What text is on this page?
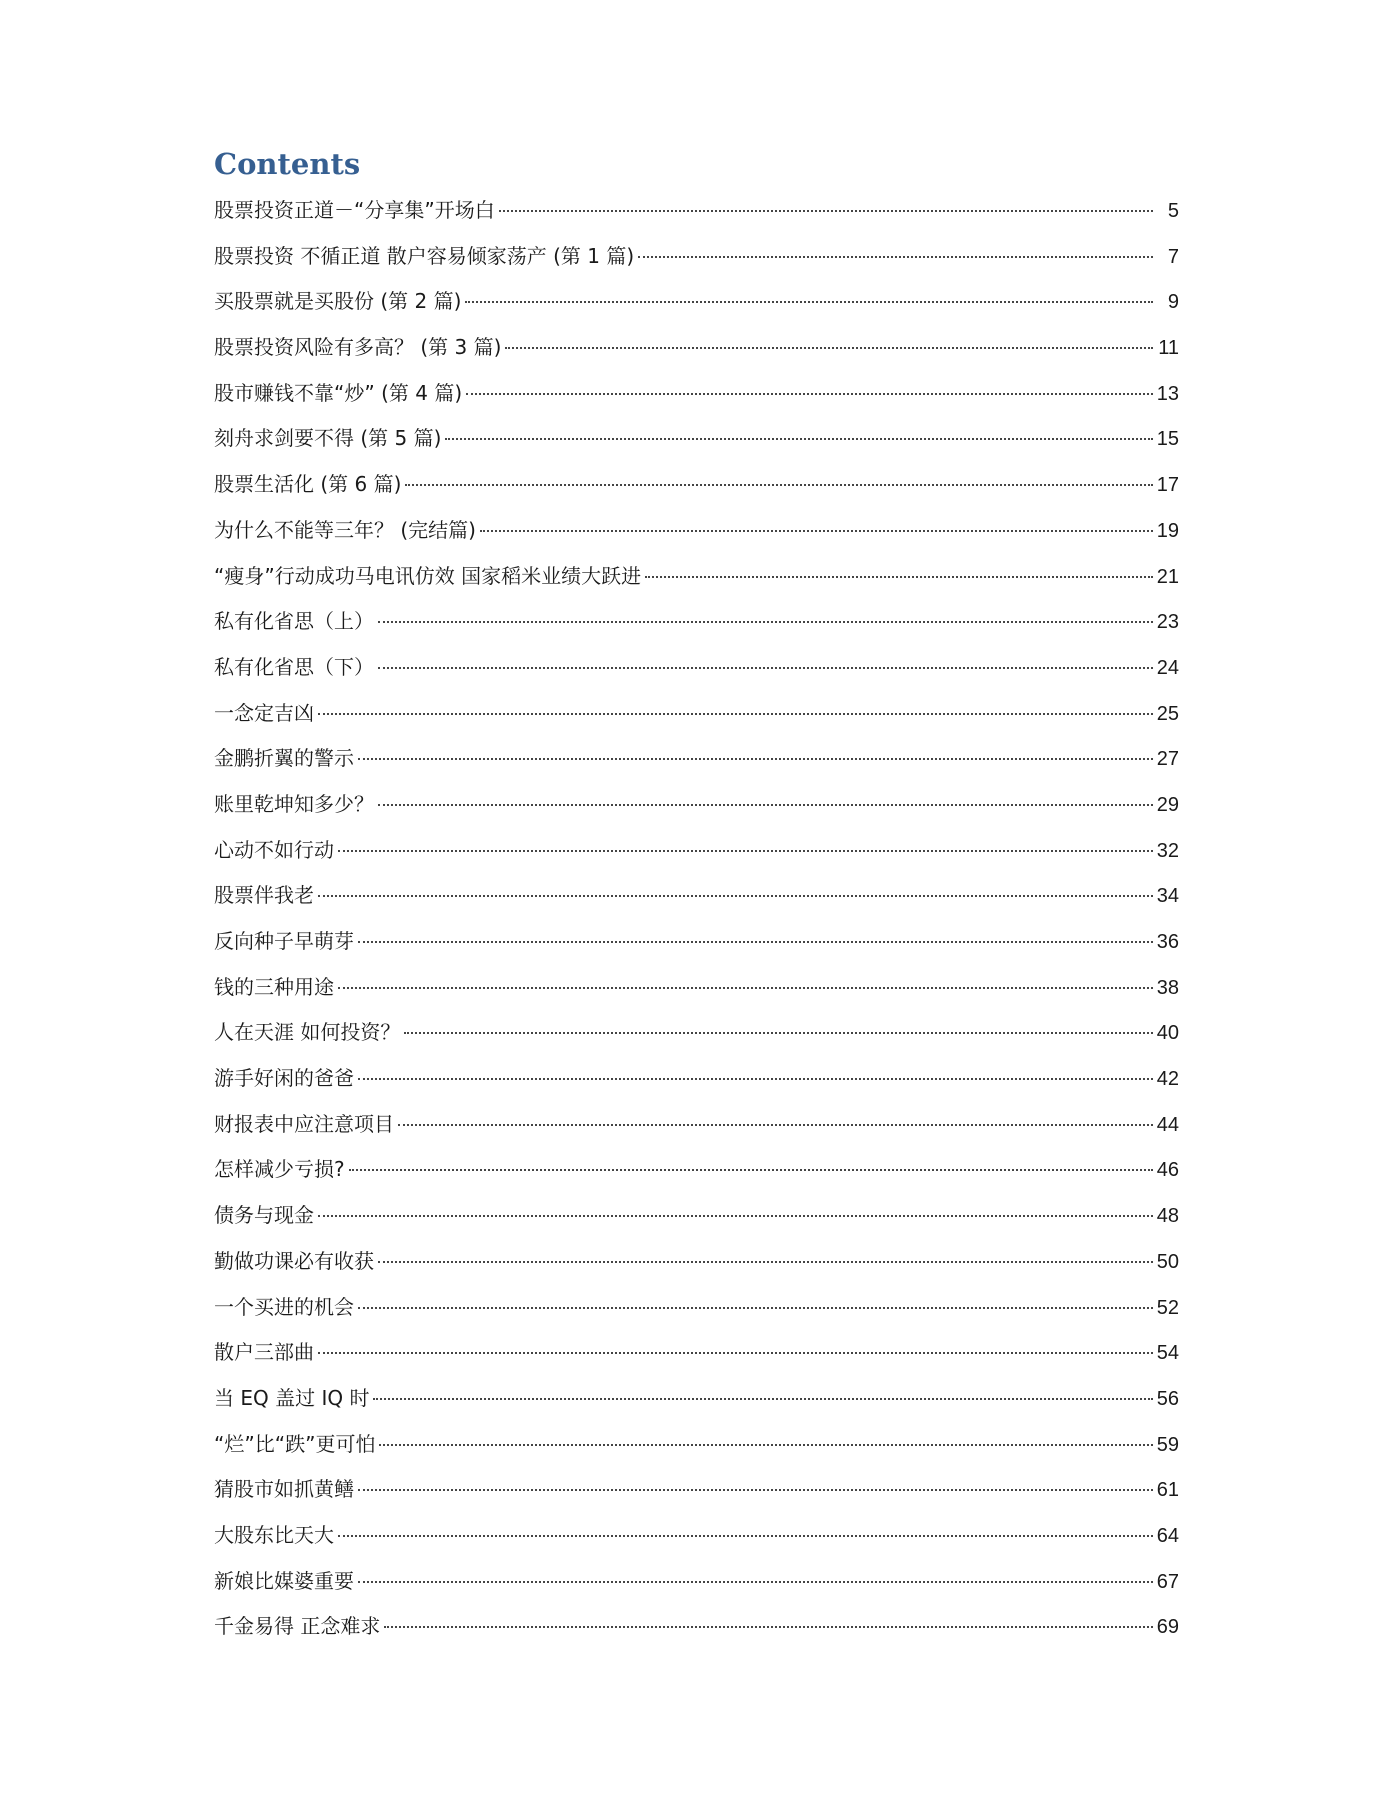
Contents
股票投资正道－“分享集”开场白	5
股票投资 不循正道 散户容易倾家荡产 (第 1 篇)	7
买股票就是买股份 (第 2 篇)	9
股票投资风险有多高？ (第 3 篇)	11
股市赚钱不靠“炒” (第 4 篇)	13
刻舟求剑要不得 (第 5 篇)	15
股票生活化 (第 6 篇)	17
为什么不能等三年？ (完结篇)	19
“瘦身”行动成功马电讯仿效 国家稻米业绩大跃进	21
私有化省思（上）	23
私有化省思（下）	24
一念定吉凶	25
金鹏折翼的警示	27
账里乾坤知多少？	29
心动不如行动	32
股票伴我老	34
反向种子早萌芽	36
钱的三种用途	38
人在天涯 如何投资？	40
游手好闲的爸爸	42
财报表中应注意项目	44
怎样减少亏损?	46
债务与现金	48
勤做功课必有收获	50
一个买进的机会	52
散户三部曲	54
当 EQ 盖过 IQ 时	56
“烂”比“跌”更可怕	59
猜股市如抓黄鳝	61
大股东比天大	64
新娘比媒婆重要	67
千金易得 正念难求	69
